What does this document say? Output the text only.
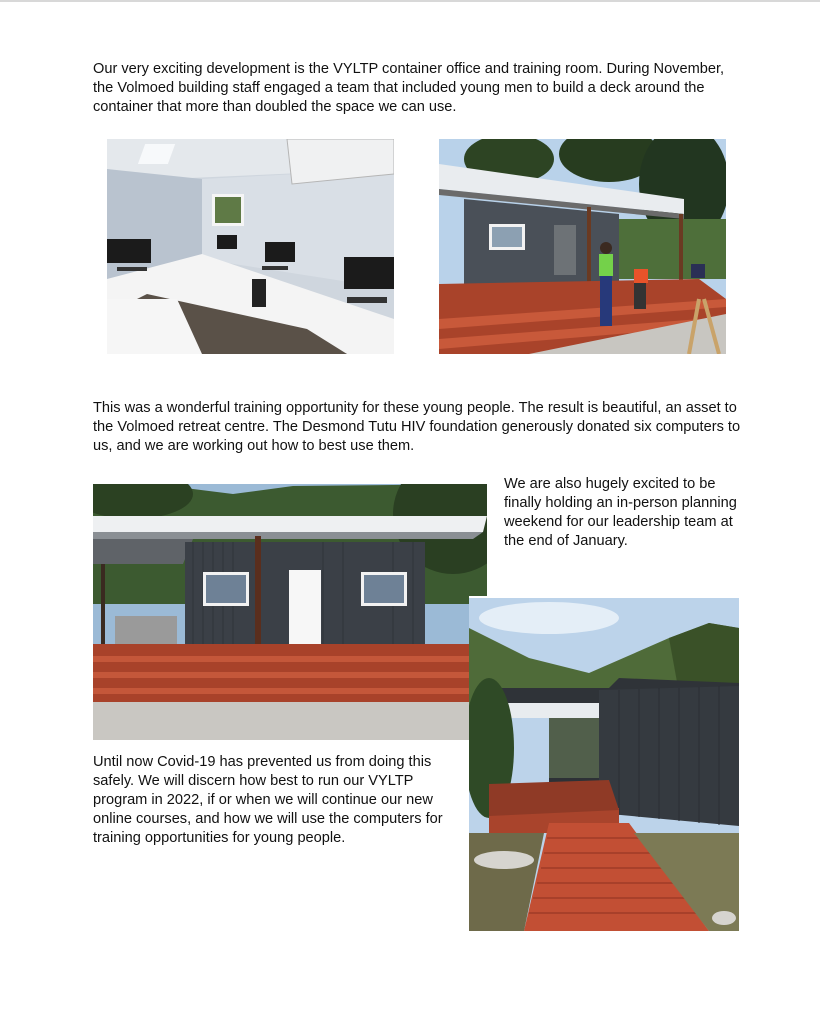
Our very exciting development is the VYLTP container office and training room. During November, the Volmoed building staff engaged a team that included young men to build a deck around the container that more than doubled the space we can use.

This was a wonderful training opportunity for these young people. The result is beautiful, an asset to the Volmoed retreat centre. The Desmond Tutu HIV foundation generously donated six computers to us, and we are working out how to best use them.

We are also hugely excited to be finally holding an in-person planning weekend for our leadership team at the end of January.

Until now Covid-19 has prevented us from doing this safely. We will discern how best to run our VYLTP program in 2022, if or when we will continue our new online courses, and how we will use the computers for training opportunities for young people.
